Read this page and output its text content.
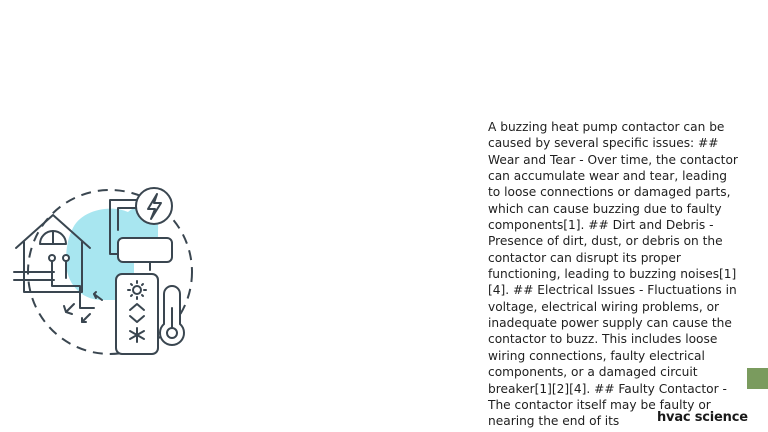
A buzzing heat pump contactor can be caused by several specific issues: ## Wear and Tear - Over time, the contactor can accumulate wear and tear, leading to loose connections or damaged parts, which can cause buzzing due to faulty components[1]. ## Dirt and Debris - Presence of dirt, dust, or debris on the contactor can disrupt its proper functioning, leading to buzzing noises[1][4]. ## Electrical Issues - Fluctuations in voltage, electrical wiring problems, or inadequate power supply can cause the contactor to buzz. This includes loose wiring connections, faulty electrical components, or a damaged circuit breaker[1][2][4]. ## Faulty Contactor - The contactor itself may be faulty or nearing the end of its	hvac science
